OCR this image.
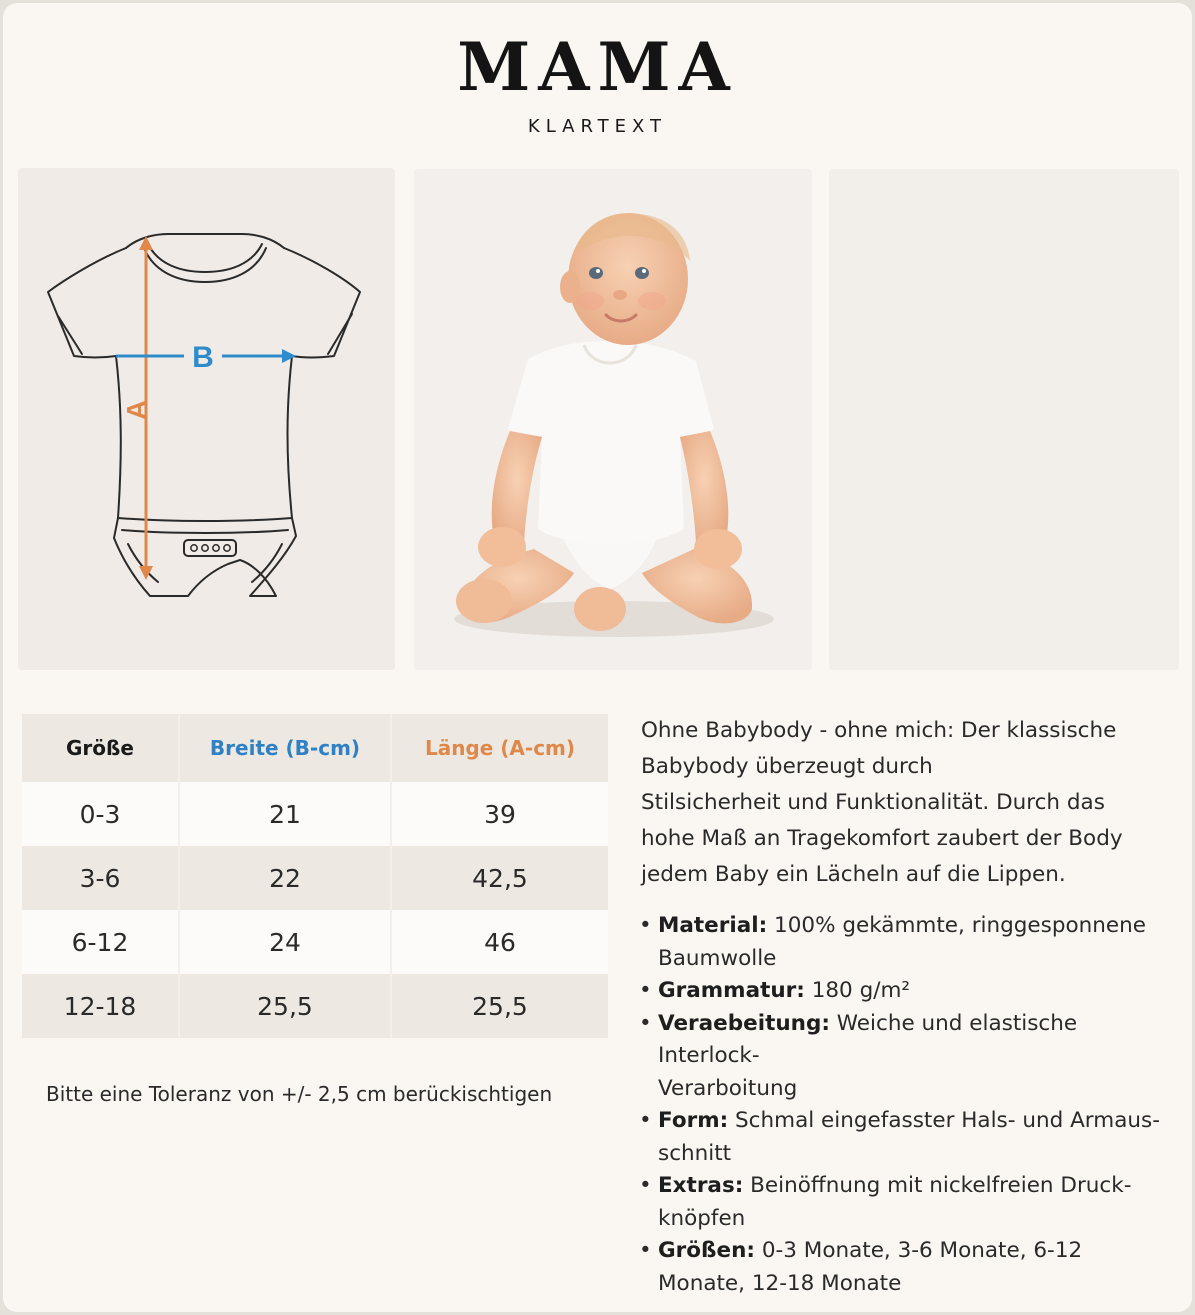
MAMA
KLARTEXT
A
B
Größe	Breite (B-cm)	Länge (A-cm)
0-3	21	39
3-6	22	42,5
6-12	24	46
12-18	25,5	25,5
Bitte eine Toleranz von +/- 2,5 cm berückischtigen
Ohne Babybody - ohne mich: Der klassische
Babybody überzeugt durch
Stilsicherheit und Funktionalität. Durch das
hohe Maß an Tragekomfort zaubert der Body
jedem Baby ein Lächeln auf die Lippen.
• Material: 100% gekämmte, ringgesponnene
Baumwolle
• Grammatur: 180 g/m²
• Veraebeitung: Weiche und elastische Interlock-
Verarboitung
• Form: Schmal eingefasster Hals- und Armaus-
schnitt
• Extras: Beinöffnung mit nickelfreien Druck-
knöpfen
• Größen: 0-3 Monate, 3-6 Monate, 6-12
Monate, 12-18 Monate
